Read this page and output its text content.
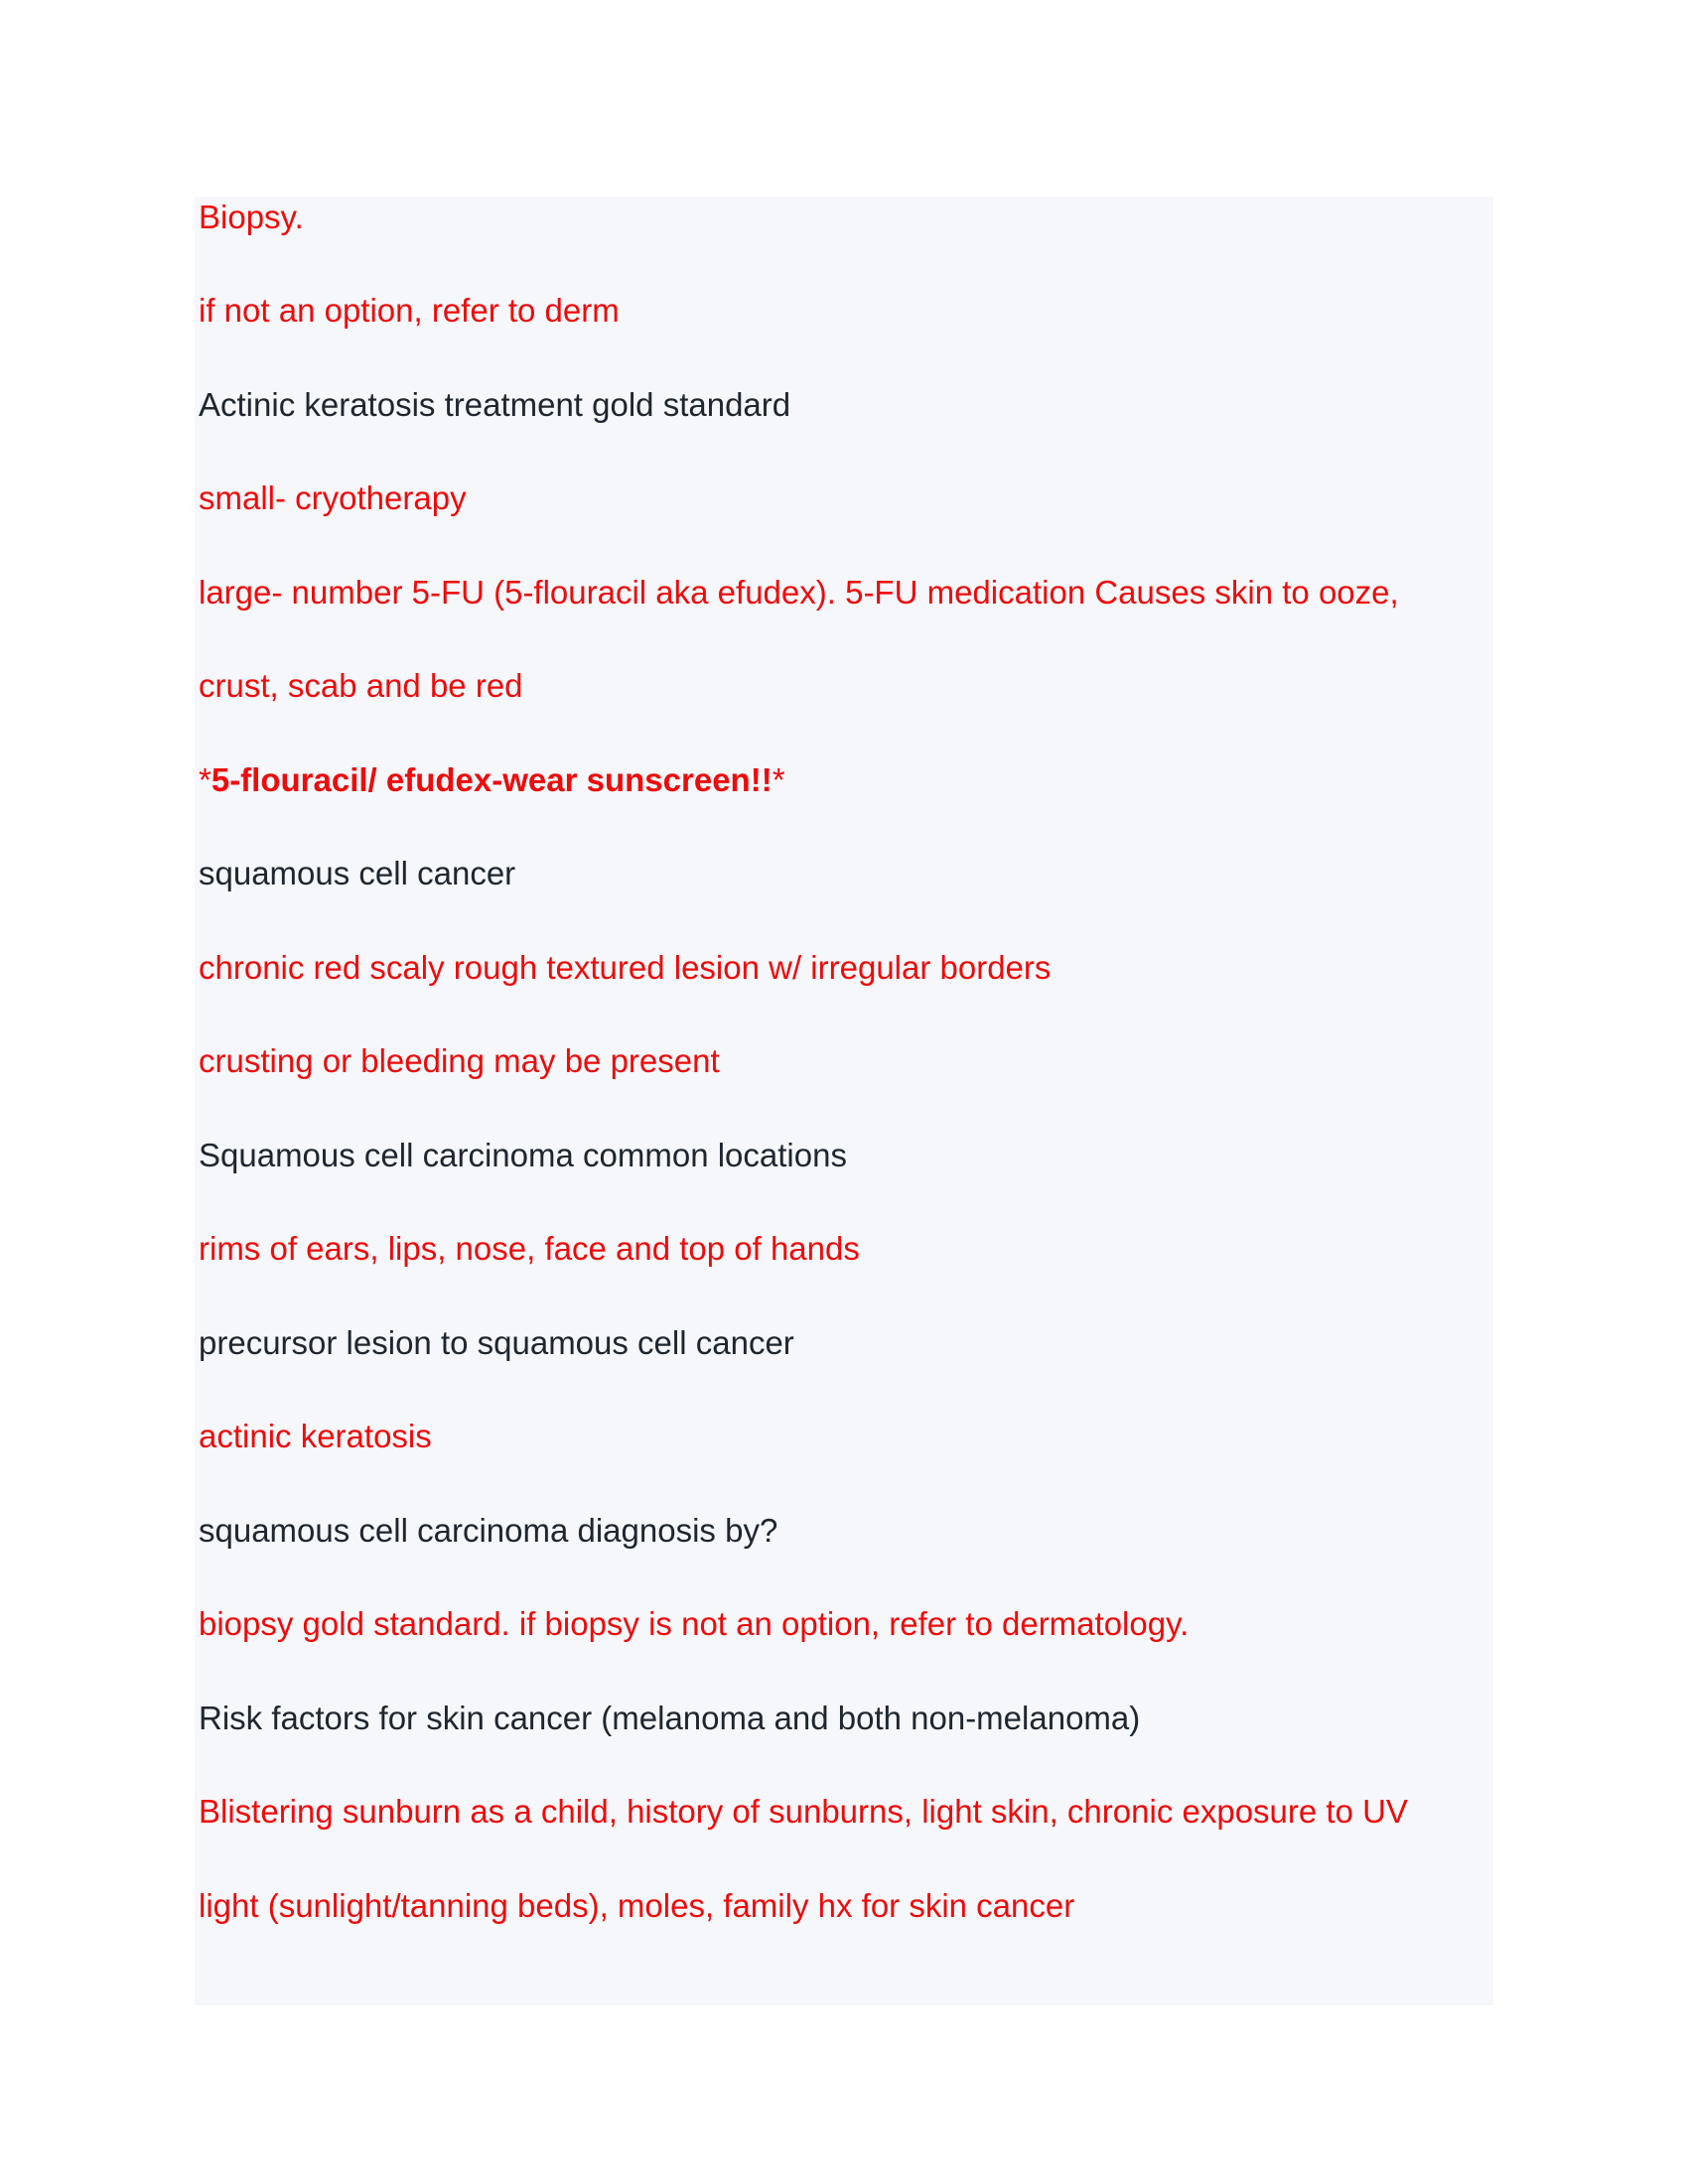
Biopsy.
if not an option, refer to derm
Actinic keratosis treatment gold standard
small- cryotherapy
large- number 5-FU (5-flouracil aka efudex). 5-FU medication Causes skin to ooze,
crust, scab and be red
*5-flouracil/ efudex-wear sunscreen!!*
squamous cell cancer
chronic red scaly rough textured lesion w/ irregular borders
crusting or bleeding may be present
Squamous cell carcinoma common locations
rims of ears, lips, nose, face and top of hands
precursor lesion to squamous cell cancer
actinic keratosis
squamous cell carcinoma diagnosis by?
biopsy gold standard. if biopsy is not an option, refer to dermatology.
Risk factors for skin cancer (melanoma and both non-melanoma)
Blistering sunburn as a child, history of sunburns, light skin, chronic exposure to UV
light (sunlight/tanning beds), moles, family hx for skin cancer
